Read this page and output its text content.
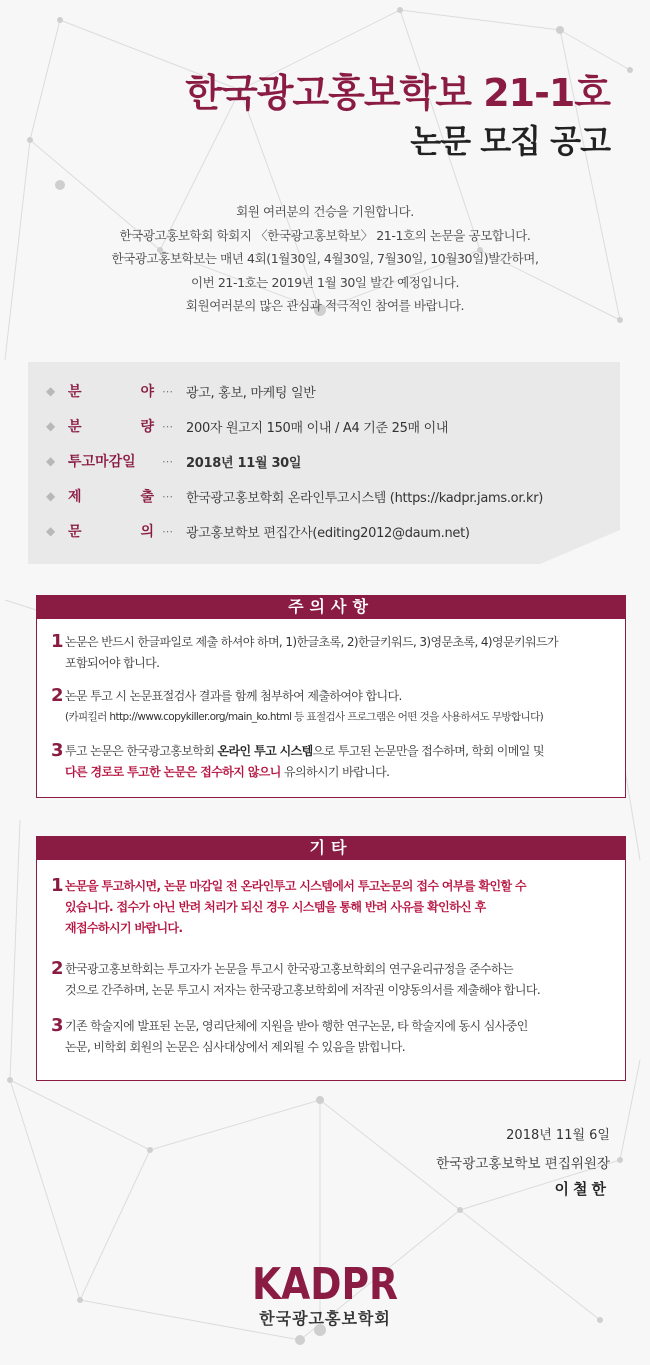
한국광고홍보학보 21-1호
논문 모집 공고
회원 여러분의 건승을 기원합니다.
한국광고홍보학회 학회지 〈한국광고홍보학보〉 21-1호의 논문을 공모합니다.
한국광고홍보학보는 매년 4회(1월30일, 4월30일, 7월30일, 10월30일)발간하며,
이번 21-1호는 2019년 1월 30일 발간 예정입니다.
회원여러분의 많은 관심과 적극적인 참여를 바랍니다.
◆ 분	야 ⋯	광고, 홍보, 마케팅 일반
◆ 분	량 ⋯	200자 원고지 150매 이내 / A4 기준 25매 이내
◆ 투고마감일 ⋯	2018년 11월 30일
◆ 제	출 ⋯	한국광고홍보학회 온라인투고시스템 (https://kadpr.jams.or.kr)
◆ 문	의 ⋯	광고홍보학보 편집간사(editing2012@daum.net)
주의사항
1 논문은 반드시 한글파일로 제출 하셔야 하며, 1)한글초록, 2)한글키워드, 3)영문초록, 4)영문키워드가
포함되어야 합니다.
2 논문 투고 시 논문표절검사 결과를 함께 첨부하여 제출하여야 합니다.
(카피킬러 http://www.copykiller.org/main_ko.html 등 표절검사 프로그램은 어떤 것을 사용하셔도 무방합니다)
3 투고 논문은 한국광고홍보학회 온라인 투고 시스템으로 투고된 논문만을 접수하며, 학회 이메일 및
다른 경로로 투고한 논문은 접수하지 않으니 유의하시기 바랍니다.
기타
1 논문을 투고하시면, 논문 마감일 전 온라인투고 시스템에서 투고논문의 접수 여부를 확인할 수
있습니다. 접수가 아닌 반려 처리가 되신 경우 시스템을 통해 반려 사유를 확인하신 후
재접수하시기 바랍니다.
2 한국광고홍보학회는 투고자가 논문을 투고시 한국광고홍보학회의 연구윤리규정을 준수하는
것으로 간주하며, 논문 투고시 저자는 한국광고홍보학회에 저작권 이양동의서를 제출해야 합니다.
3 기존 학술지에 발표된 논문, 영리단체에 지원을 받아 행한 연구논문, 타 학술지에 동시 심사중인
논문, 비학회 회원의 논문은 심사대상에서 제외될 수 있음을 밝힙니다.
2018년 11월 6일
한국광고홍보학보 편집위원장
이철한
KADPR
한국광고홍보학회
